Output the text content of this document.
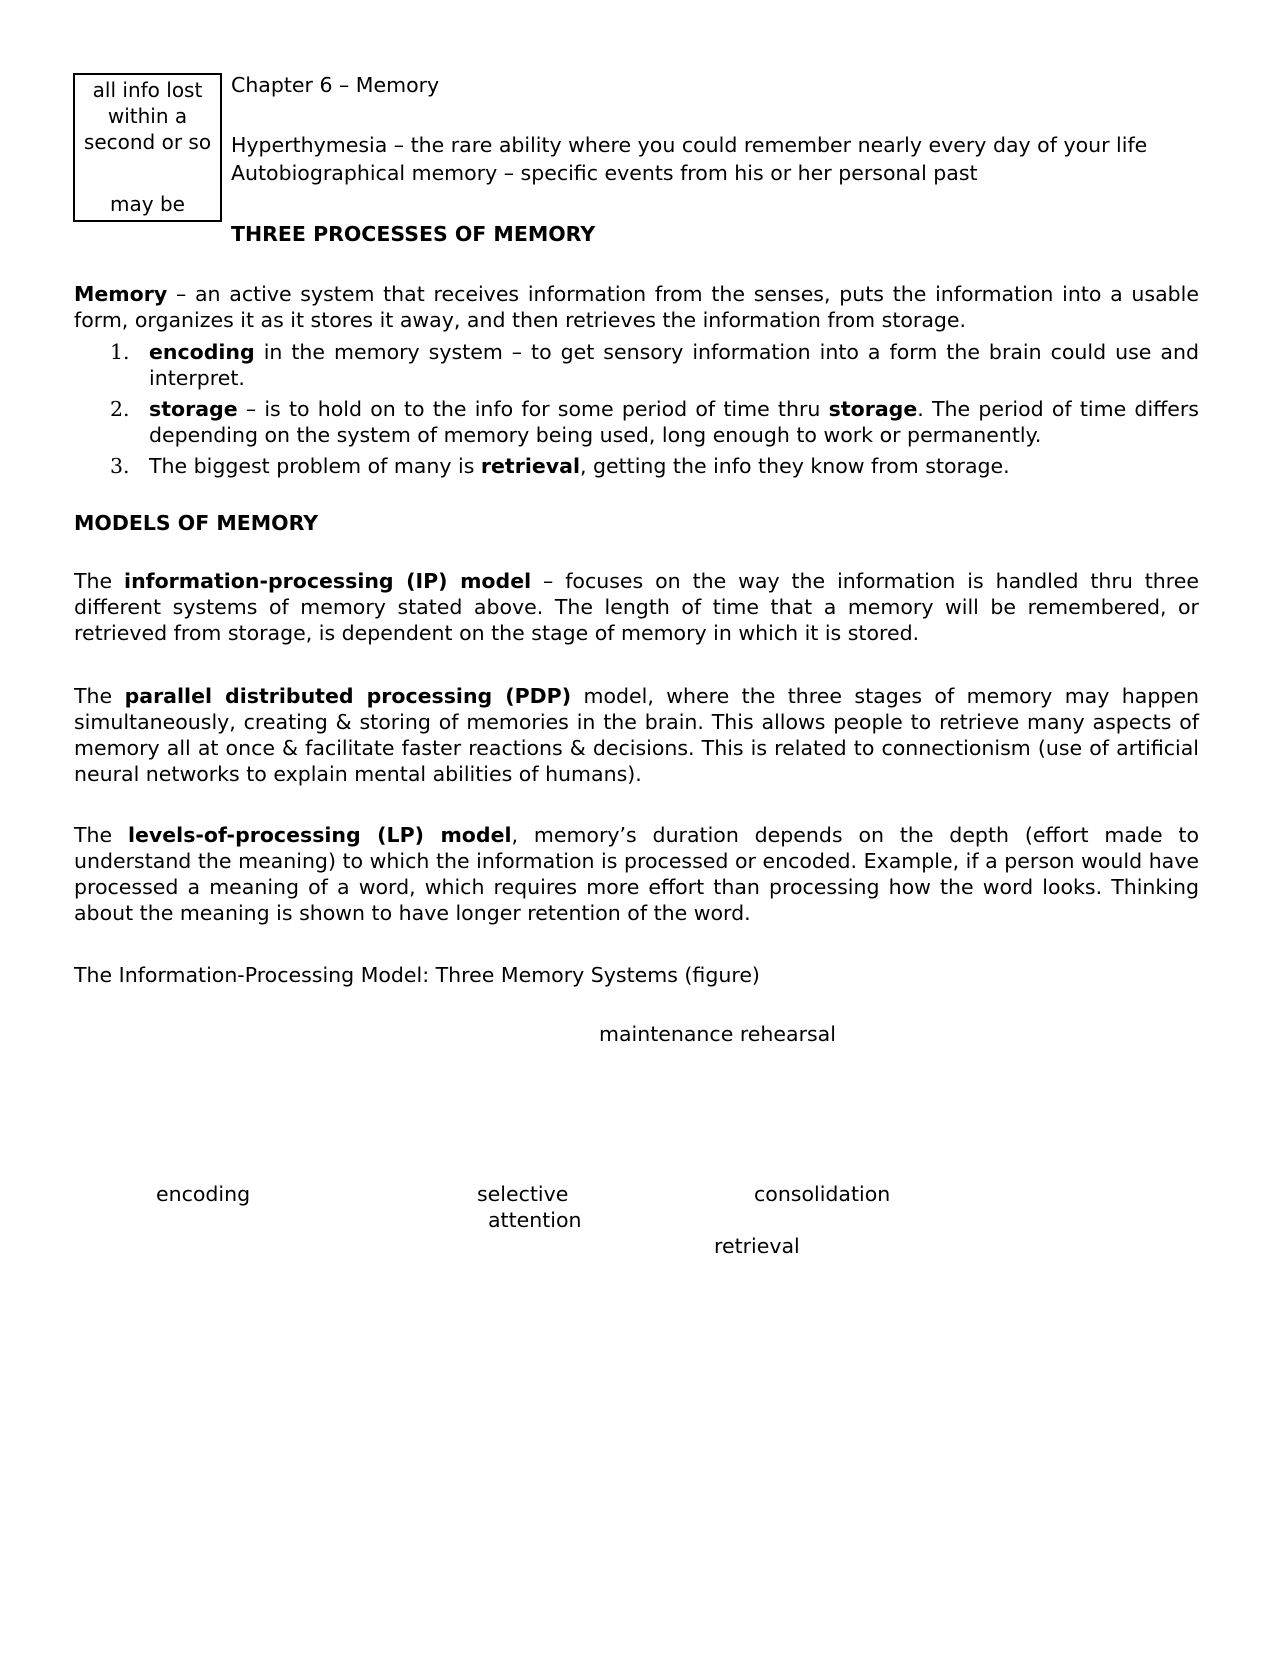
all info lost
within a
second or so
may be
Chapter 6 – Memory
Hyperthymesia – the rare ability where you could remember nearly every day of your life
Autobiographical memory – specific events from his or her personal past
THREE PROCESSES OF MEMORY
Memory – an active system that receives information from the senses, puts the information into a usable form, organizes it as it stores it away, and then retrieves the information from storage.
1. encoding in the memory system – to get sensory information into a form the brain could use and interpret.
2. storage – is to hold on to the info for some period of time thru storage. The period of time differs depending on the system of memory being used, long enough to work or permanently.
3. The biggest problem of many is retrieval, getting the info they know from storage.
MODELS OF MEMORY
The information-processing (IP) model – focuses on the way the information is handled thru three different systems of memory stated above. The length of time that a memory will be remembered, or retrieved from storage, is dependent on the stage of memory in which it is stored.
The parallel distributed processing (PDP) model, where the three stages of memory may happen simultaneously, creating & storing of memories in the brain. This allows people to retrieve many aspects of memory all at once & facilitate faster reactions & decisions. This is related to connectionism (use of artificial neural networks to explain mental abilities of humans).
The levels-of-processing (LP) model, memory’s duration depends on the depth (effort made to understand the meaning) to which the information is processed or encoded. Example, if a person would have processed a meaning of a word, which requires more effort than processing how the word looks. Thinking about the meaning is shown to have longer retention of the word.
The Information-Processing Model: Three Memory Systems (figure)
maintenance rehearsal
encoding	selective
attention
consolidation
retrieval
